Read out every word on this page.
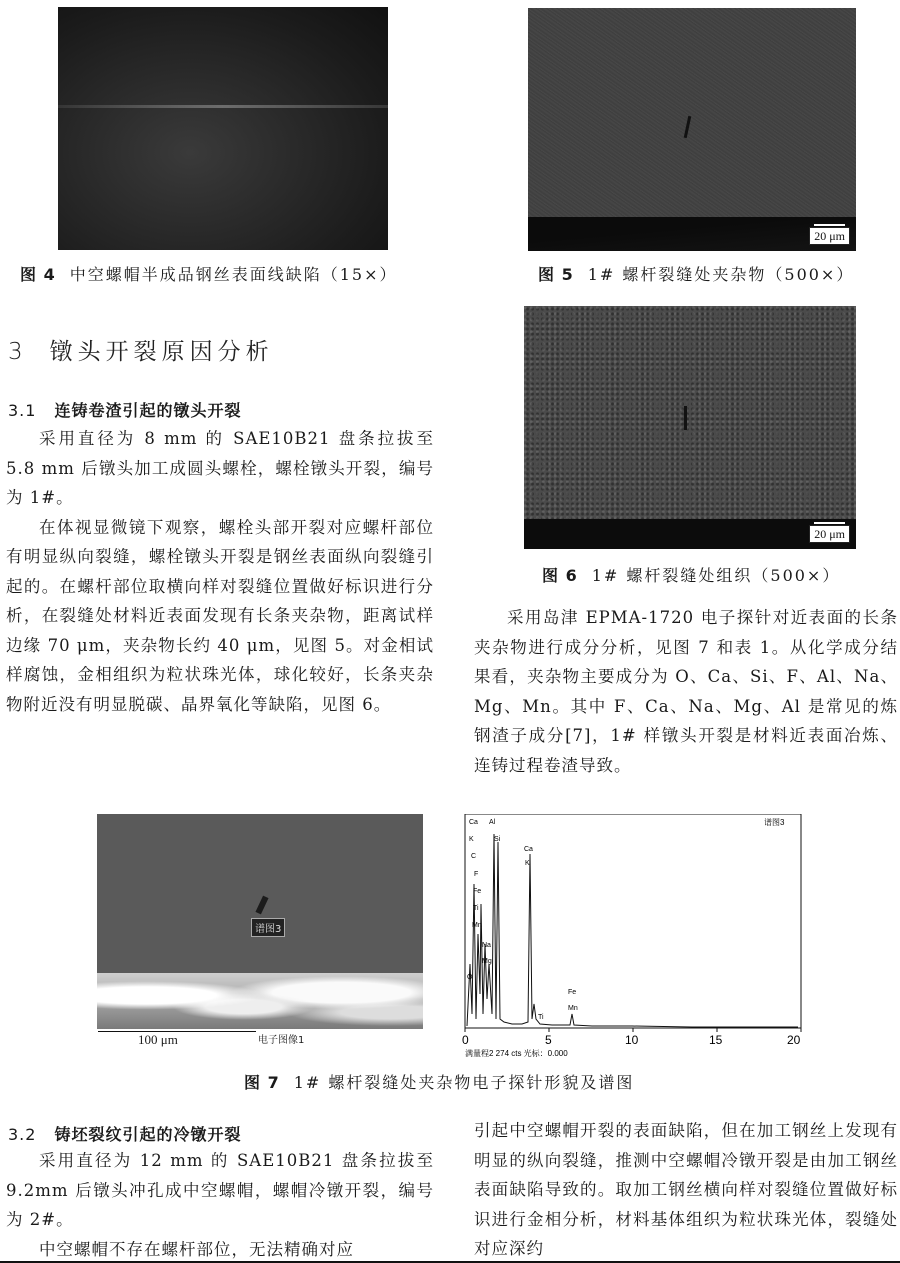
图 4 中空螺帽半成品钢丝表面线缺陷（15×）
20 μm
图 5 1# 螺杆裂缝处夹杂物（500×）
3 镦头开裂原因分析
20 μm
图 6 1# 螺杆裂缝处组织（500×）
3.1 连铸卷渣引起的镦头开裂

采用直径为 8 mm 的 SAE10B21 盘条拉拔至 5.8 mm 后镦头加工成圆头螺栓，螺栓镦头开裂，编号为 1#。

在体视显微镜下观察，螺栓头部开裂对应螺杆部位有明显纵向裂缝，螺栓镦头开裂是钢丝表面纵向裂缝引起的。在螺杆部位取横向样对裂缝位置做好标识进行分析，在裂缝处材料近表面发现有长条夹杂物，距离试样边缘 70 μm，夹杂物长约 40 μm，见图 5。对金相试样腐蚀，金相组织为粒状珠光体，球化较好，长条夹杂物附近没有明显脱碳、晶界氧化等缺陷，见图 6。

采用岛津 EPMA-1720 电子探针对近表面的长条夹杂物进行成分分析，见图 7 和表 1。从化学成分结果看，夹杂物主要成分为 O、Ca、Si、F、Al、Na、Mg、Mn。其中 F、Ca、Na、Mg、Al 是常见的炼钢渣子成分[7]，1# 样镦头开裂是材料近表面冶炼、连铸过程卷渣导致。

谱图3
100 μm	电子图像1
谱图3
Ca Al
Si
K
C
F
Fe
Ti
Mn
Na
Mg
O
Ca
K
Ti
Fe
Mn
0	5	10	15	20
满量程2 274 cts 光标：0.000
图 7 1# 螺杆裂缝处夹杂物电子探针形貌及谱图
3.2 铸坯裂纹引起的冷镦开裂

采用直径为 12 mm 的 SAE10B21 盘条拉拔至 9.2mm 后镦头冲孔成中空螺帽，螺帽冷镦开裂，编号为 2#。

中空螺帽不存在螺杆部位，无法精确对应

引起中空螺帽开裂的表面缺陷，但在加工钢丝上发现有明显的纵向裂缝，推测中空螺帽冷镦开裂是由加工钢丝表面缺陷导致的。取加工钢丝横向样对裂缝位置做好标识进行金相分析，材料基体组织为粒状珠光体，裂缝处对应深约
